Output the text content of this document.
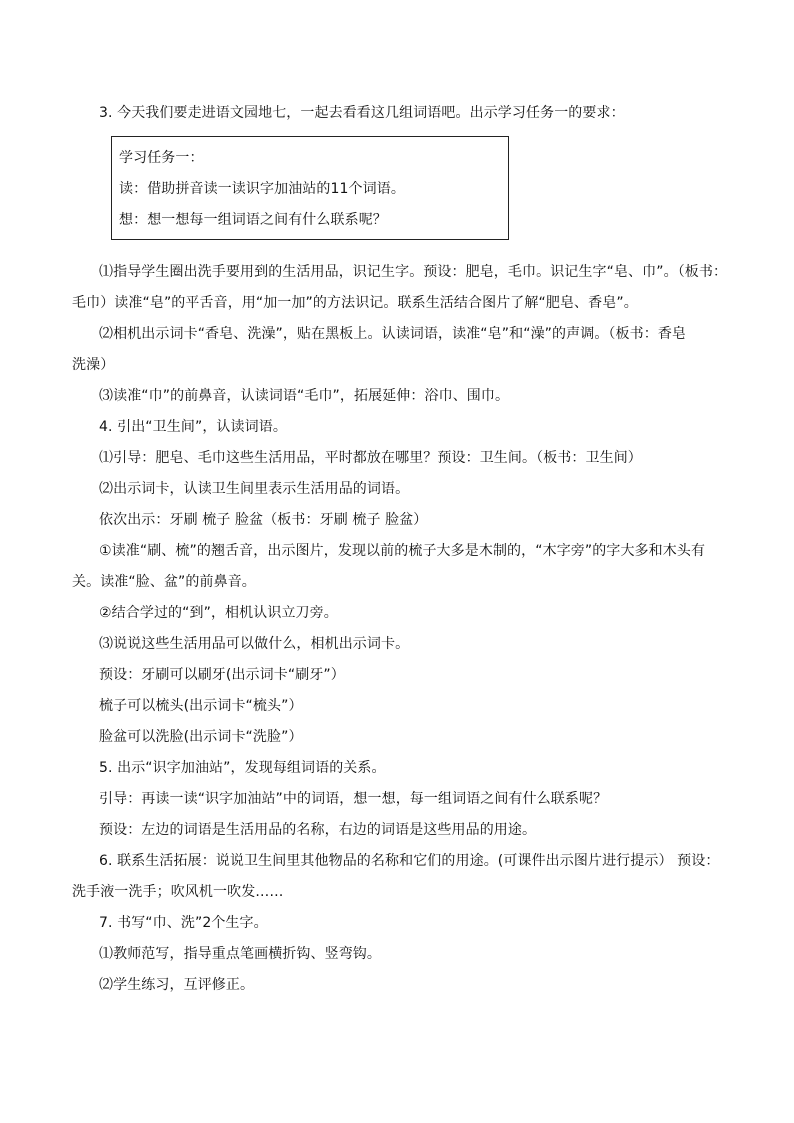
3. 今天我们要走进语文园地七，一起去看看这几组词语吧。出示学习任务一的要求：
学习任务一：
读：借助拼音读一读识字加油站的11个词语。
想：想一想每一组词语之间有什么联系呢？
⑴指导学生圈出洗手要用到的生活用品，识记生字。预设：肥皂，毛巾。识记生字“皂、巾”。（板书：
毛巾）读准“皂”的平舌音，用“加一加”的方法识记。联系生活结合图片了解“肥皂、香皂”。
⑵相机出示词卡“香皂、洗澡”，贴在黑板上。认读词语，读准“皂”和“澡”的声调。（板书：香皂
洗澡）
⑶读准“巾”的前鼻音，认读词语“毛巾”，拓展延伸：浴巾、围巾。
4. 引出“卫生间”，认读词语。
⑴引导：肥皂、毛巾这些生活用品，平时都放在哪里？预设：卫生间。（板书：卫生间）
⑵出示词卡，认读卫生间里表示生活用品的词语。
依次出示：牙刷 梳子 脸盆（板书：牙刷 梳子 脸盆）
①读准“刷、梳”的翘舌音，出示图片，发现以前的梳子大多是木制的，“木字旁”的字大多和木头有
关。读准“脸、盆”的前鼻音。
②结合学过的“到”，相机认识立刀旁。
⑶说说这些生活用品可以做什么，相机出示词卡。
预设：牙刷可以刷牙(出示词卡“刷牙”）
梳子可以梳头(出示词卡“梳头”）
脸盆可以洗脸(出示词卡“洗脸”）
5. 出示“识字加油站”，发现每组词语的关系。
引导：再读一读“识字加油站”中的词语，想一想，每一组词语之间有什么联系呢？
预设：左边的词语是生活用品的名称，右边的词语是这些用品的用途。
6. 联系生活拓展：说说卫生间里其他物品的名称和它们的用途。(可课件出示图片进行提示） 预设：
洗手液一洗手；吹风机一吹发……
7. 书写“巾、洗”2个生字。
⑴教师范写，指导重点笔画横折钩、竖弯钩。
⑵学生练习，互评修正。
